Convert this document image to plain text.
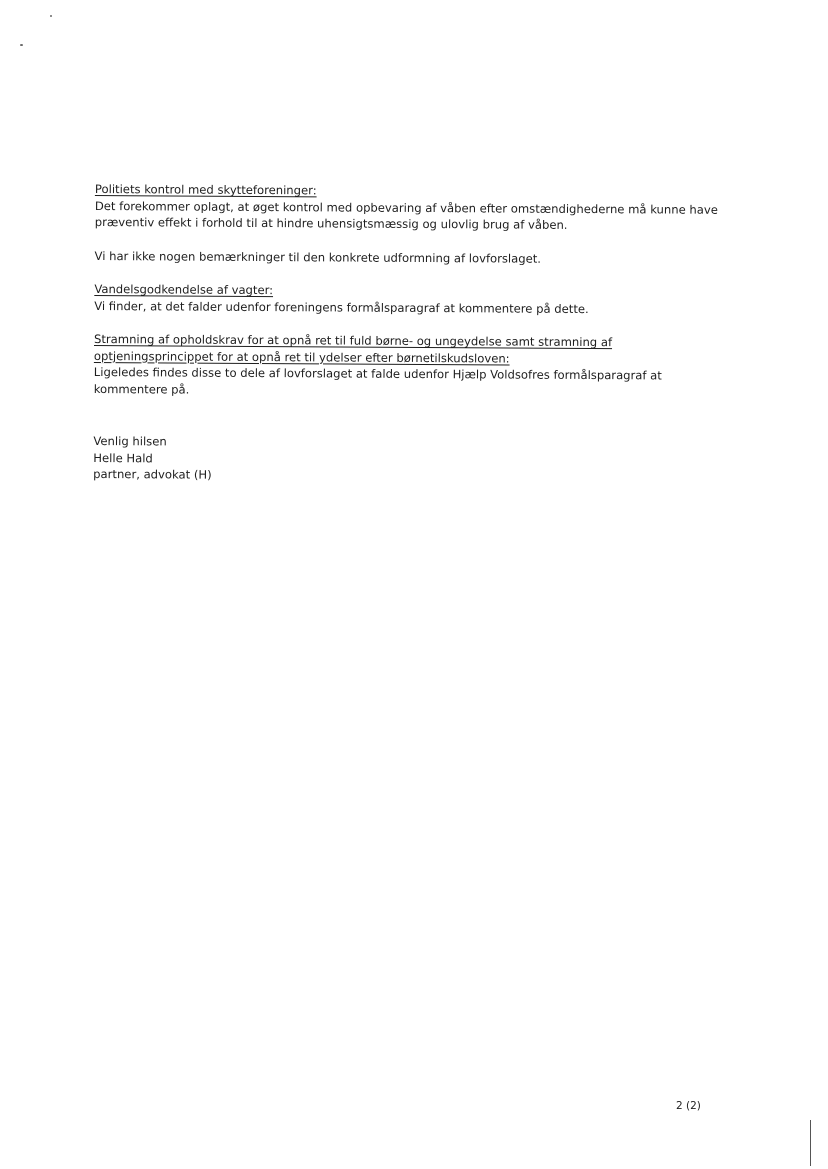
Politiets kontrol med skytteforeninger:

Det forekommer oplagt, at øget kontrol med opbevaring af våben efter omstændighederne må kunne have præventiv effekt i forhold til at hindre uhensigtsmæssig og ulovlig brug af våben.

Vi har ikke nogen bemærkninger til den konkrete udformning af lovforslaget.

Vandelsgodkendelse af vagter:

Vi finder, at det falder udenfor foreningens formålsparagraf at kommentere på dette.

Stramning af opholdskrav for at opnå ret til fuld børne- og ungeydelse samt stramning af optjeningsprincippet for at opnå ret til ydelser efter børnetilskudsloven:

Ligeledes findes disse to dele af lovforslaget at falde udenfor Hjælp Voldsofres formålsparagraf at kommentere på.

Venlig hilsen
Helle Hald
partner, advokat (H)
2 (2)
